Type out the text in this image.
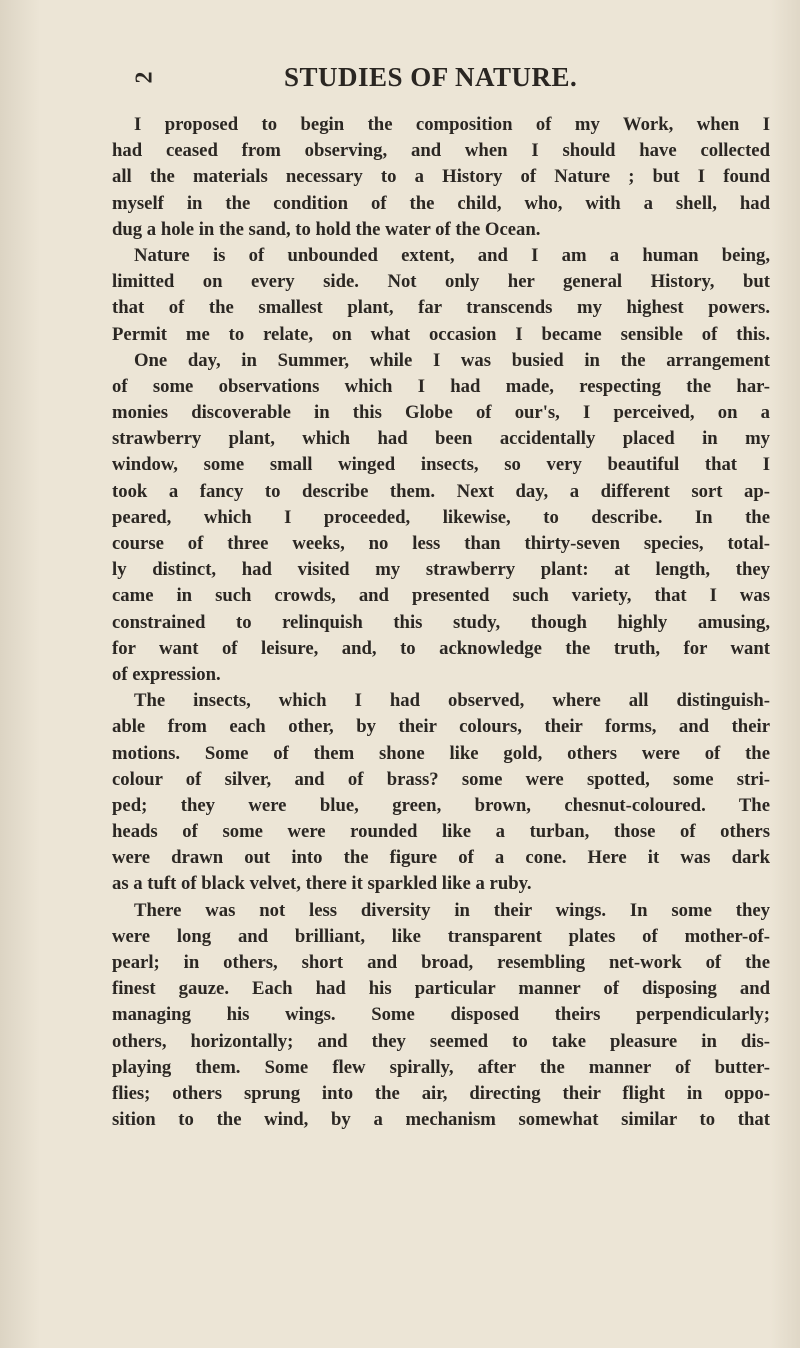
2	STUDIES OF NATURE.

I proposed to begin the composition of my Work, when I
had ceased from observing, and when I should have collected
all the materials necessary to a History of Nature ; but I found
myself in the condition of the child, who, with a shell, had
dug a hole in the sand, to hold the water of the Ocean.

Nature is of unbounded extent, and I am a human being,
limitted on every side. Not only her general History, but
that of the smallest plant, far transcends my highest powers.
Permit me to relate, on what occasion I became sensible of this.

One day, in Summer, while I was busied in the arrangement
of some observations which I had made, respecting the har-
monies discoverable in this Globe of our's, I perceived, on a
strawberry plant, which had been accidentally placed in my
window, some small winged insects, so very beautiful that I
took a fancy to describe them. Next day, a different sort ap-
peared, which I proceeded, likewise, to describe. In the
course of three weeks, no less than thirty-seven species, total-
ly distinct, had visited my strawberry plant: at length, they
came in such crowds, and presented such variety, that I was
constrained to relinquish this study, though highly amusing,
for want of leisure, and, to acknowledge the truth, for want
of expression.

The insects, which I had observed, where all distinguish-
able from each other, by their colours, their forms, and their
motions. Some of them shone like gold, others were of the
colour of silver, and of brass? some were spotted, some stri-
ped; they were blue, green, brown, chesnut-coloured. The
heads of some were rounded like a turban, those of others
were drawn out into the figure of a cone. Here it was dark
as a tuft of black velvet, there it sparkled like a ruby.

There was not less diversity in their wings. In some they
were long and brilliant, like transparent plates of mother-of-
pearl; in others, short and broad, resembling net-work of the
finest gauze. Each had his particular manner of disposing and
managing his wings. Some disposed theirs perpendicularly;
others, horizontally; and they seemed to take pleasure in dis-
playing them. Some flew spirally, after the manner of butter-
flies; others sprung into the air, directing their flight in oppo-
sition to the wind, by a mechanism somewhat similar to that
